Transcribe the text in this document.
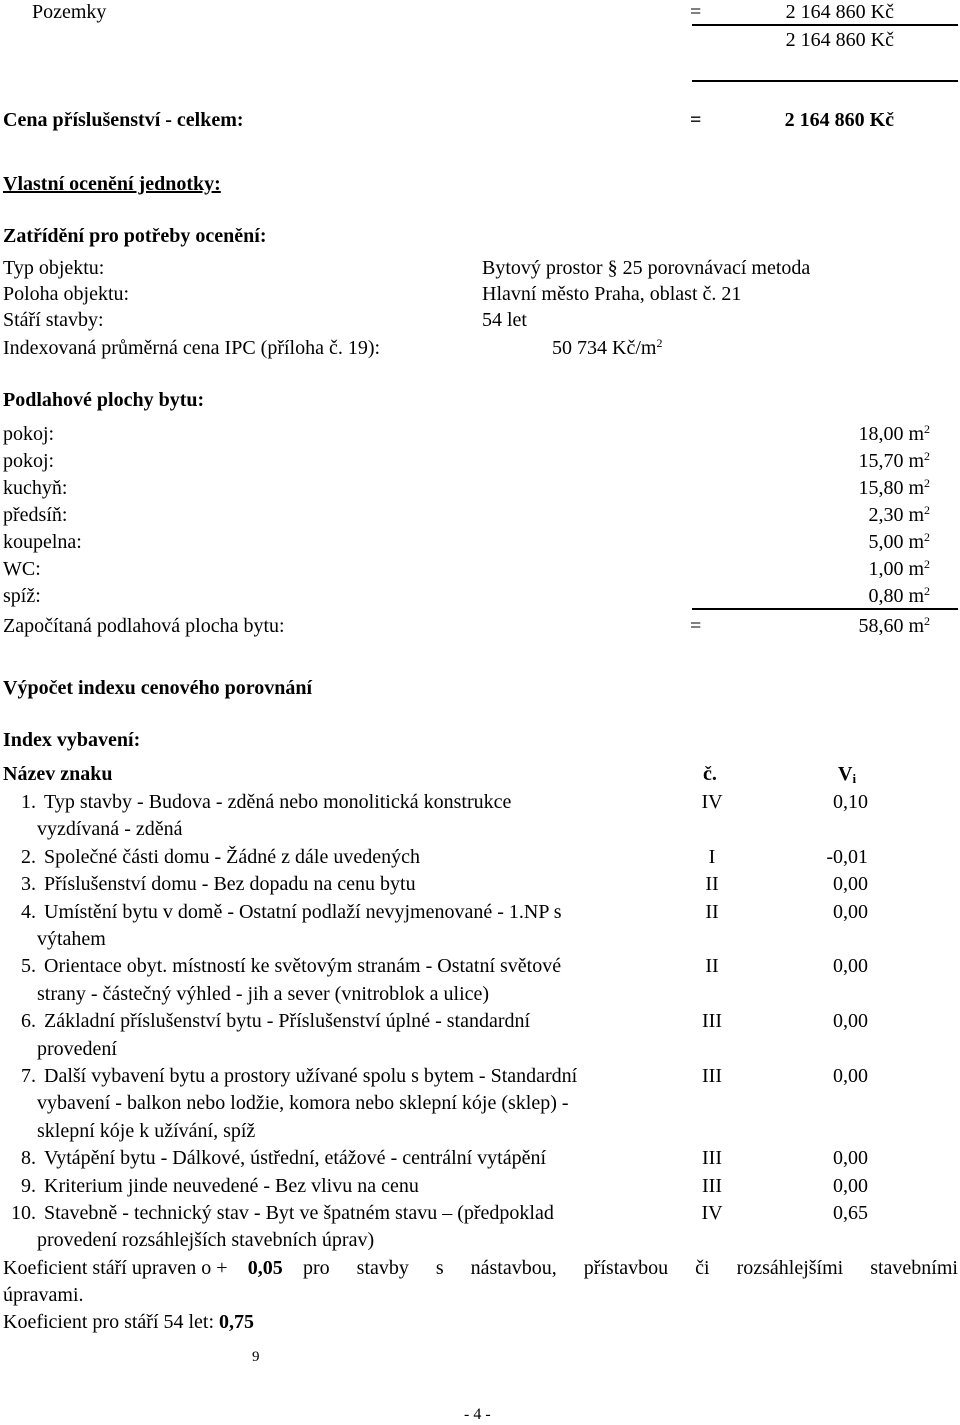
Pozemky	=	2 164 860 Kč
2 164 860 Kč
Cena příslušenství - celkem:	=	2 164 860 Kč
Vlastní ocenění jednotky:
Zatřídění pro potřeby ocenění:
Typ objektu:	Bytový prostor § 25 porovnávací metoda
Poloha objektu:	Hlavní město Praha, oblast č. 21
Stáří stavby:	54 let
Indexovaná průměrná cena IPC (příloha č. 19):	50 734 $Kč/m^2$
Podlahové plochy bytu:
pokoj:	18,00 $m^2$
pokoj:	15,70 $m^2$
kuchyň:	15,80 $m^2$
předsíň:	2,30 $m^2$
koupelna:	5,00 $m^2$
WC:	1,00 $m^2$
spíž:	0,80 $m^2$
Započítaná podlahová plocha bytu:	=	58,60 $m^2$
Výpočet indexu cenového porovnání
Index vybavení:
Název znaku	č.	$V_i$
1. Typ stavby - Budova - zděná nebo monolitická konstrukce
vyzdívaná - zděná
IV	0,10
2. Společné části domu - Žádné z dále uvedených	I	-0,01
3. Příslušenství domu - Bez dopadu na cenu bytu	II	0,00
4. Umístění bytu v domě - Ostatní podlaží nevyjmenované - 1.NP s
výtahem
II	0,00
5. Orientace obyt. místností ke světovým stranám - Ostatní světové
strany - částečný výhled - jih a sever (vnitroblok a ulice)
II	0,00
6. Základní příslušenství bytu - Příslušenství úplné - standardní
provedení
III	0,00
7. Další vybavení bytu a prostory užívané spolu s bytem - Standardní
vybavení - balkon nebo lodžie, komora nebo sklepní kóje (sklep) -
sklepní kóje k užívání, spíž
III	0,00
8. Vytápění bytu - Dálkové, ústřední, etážové - centrální vytápění	III	0,00
9. Kriterium jinde neuvedené - Bez vlivu na cenu	III	0,00
10. Stavebně - technický stav - Byt ve špatném stavu – (předpoklad
provedení rozsáhlejších stavebních úprav)
IV	0,65
Koeficient stáří upraven o + 0,05 pro stavby s nástavbou, přístavbou či rozsáhlejšími stavebními
úpravami.
Koeficient pro stáří 54 let: 0,75
9
- 4 -
